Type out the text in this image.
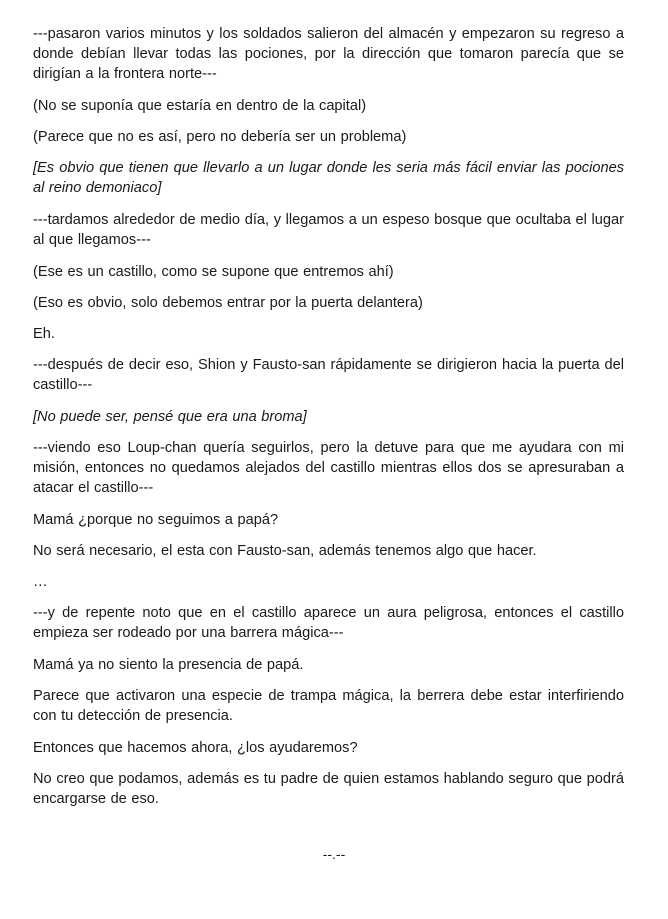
---pasaron varios minutos y los soldados salieron del almacén y empezaron su regreso a donde debían llevar todas las pociones, por la dirección que tomaron parecía que se dirigían a la frontera norte---

(No se suponía que estaría en dentro de la capital)

(Parece que no es así, pero no debería ser un problema)

[Es obvio que tienen que llevarlo a un lugar donde les seria más fácil enviar las pociones al reino demoniaco]

---tardamos alrededor de medio día, y llegamos a un espeso bosque que ocultaba el lugar al que llegamos---

(Ese es un castillo, como se supone que entremos ahí)

(Eso es obvio, solo debemos entrar por la puerta delantera)

Eh.

---después de decir eso, Shion y Fausto-san rápidamente se dirigieron hacia la puerta del castillo---

[No puede ser, pensé que era una broma]

---viendo eso Loup-chan quería seguirlos, pero la detuve para que me ayudara con mi misión, entonces no quedamos alejados del castillo mientras ellos dos se apresuraban a atacar el castillo---

Mamá ¿porque no seguimos a papá?

No será necesario, el esta con Fausto-san, además tenemos algo que hacer.

…

---y de repente noto que en el castillo aparece un aura peligrosa, entonces el castillo empieza ser rodeado por una barrera mágica---

Mamá ya no siento la presencia de papá.

Parece que activaron una especie de trampa mágica, la berrera debe estar interfiriendo con tu detección de presencia.

Entonces que hacemos ahora, ¿los ayudaremos?

No creo que podamos, además es tu padre de quien estamos hablando seguro que podrá encargarse de eso.

--.--
